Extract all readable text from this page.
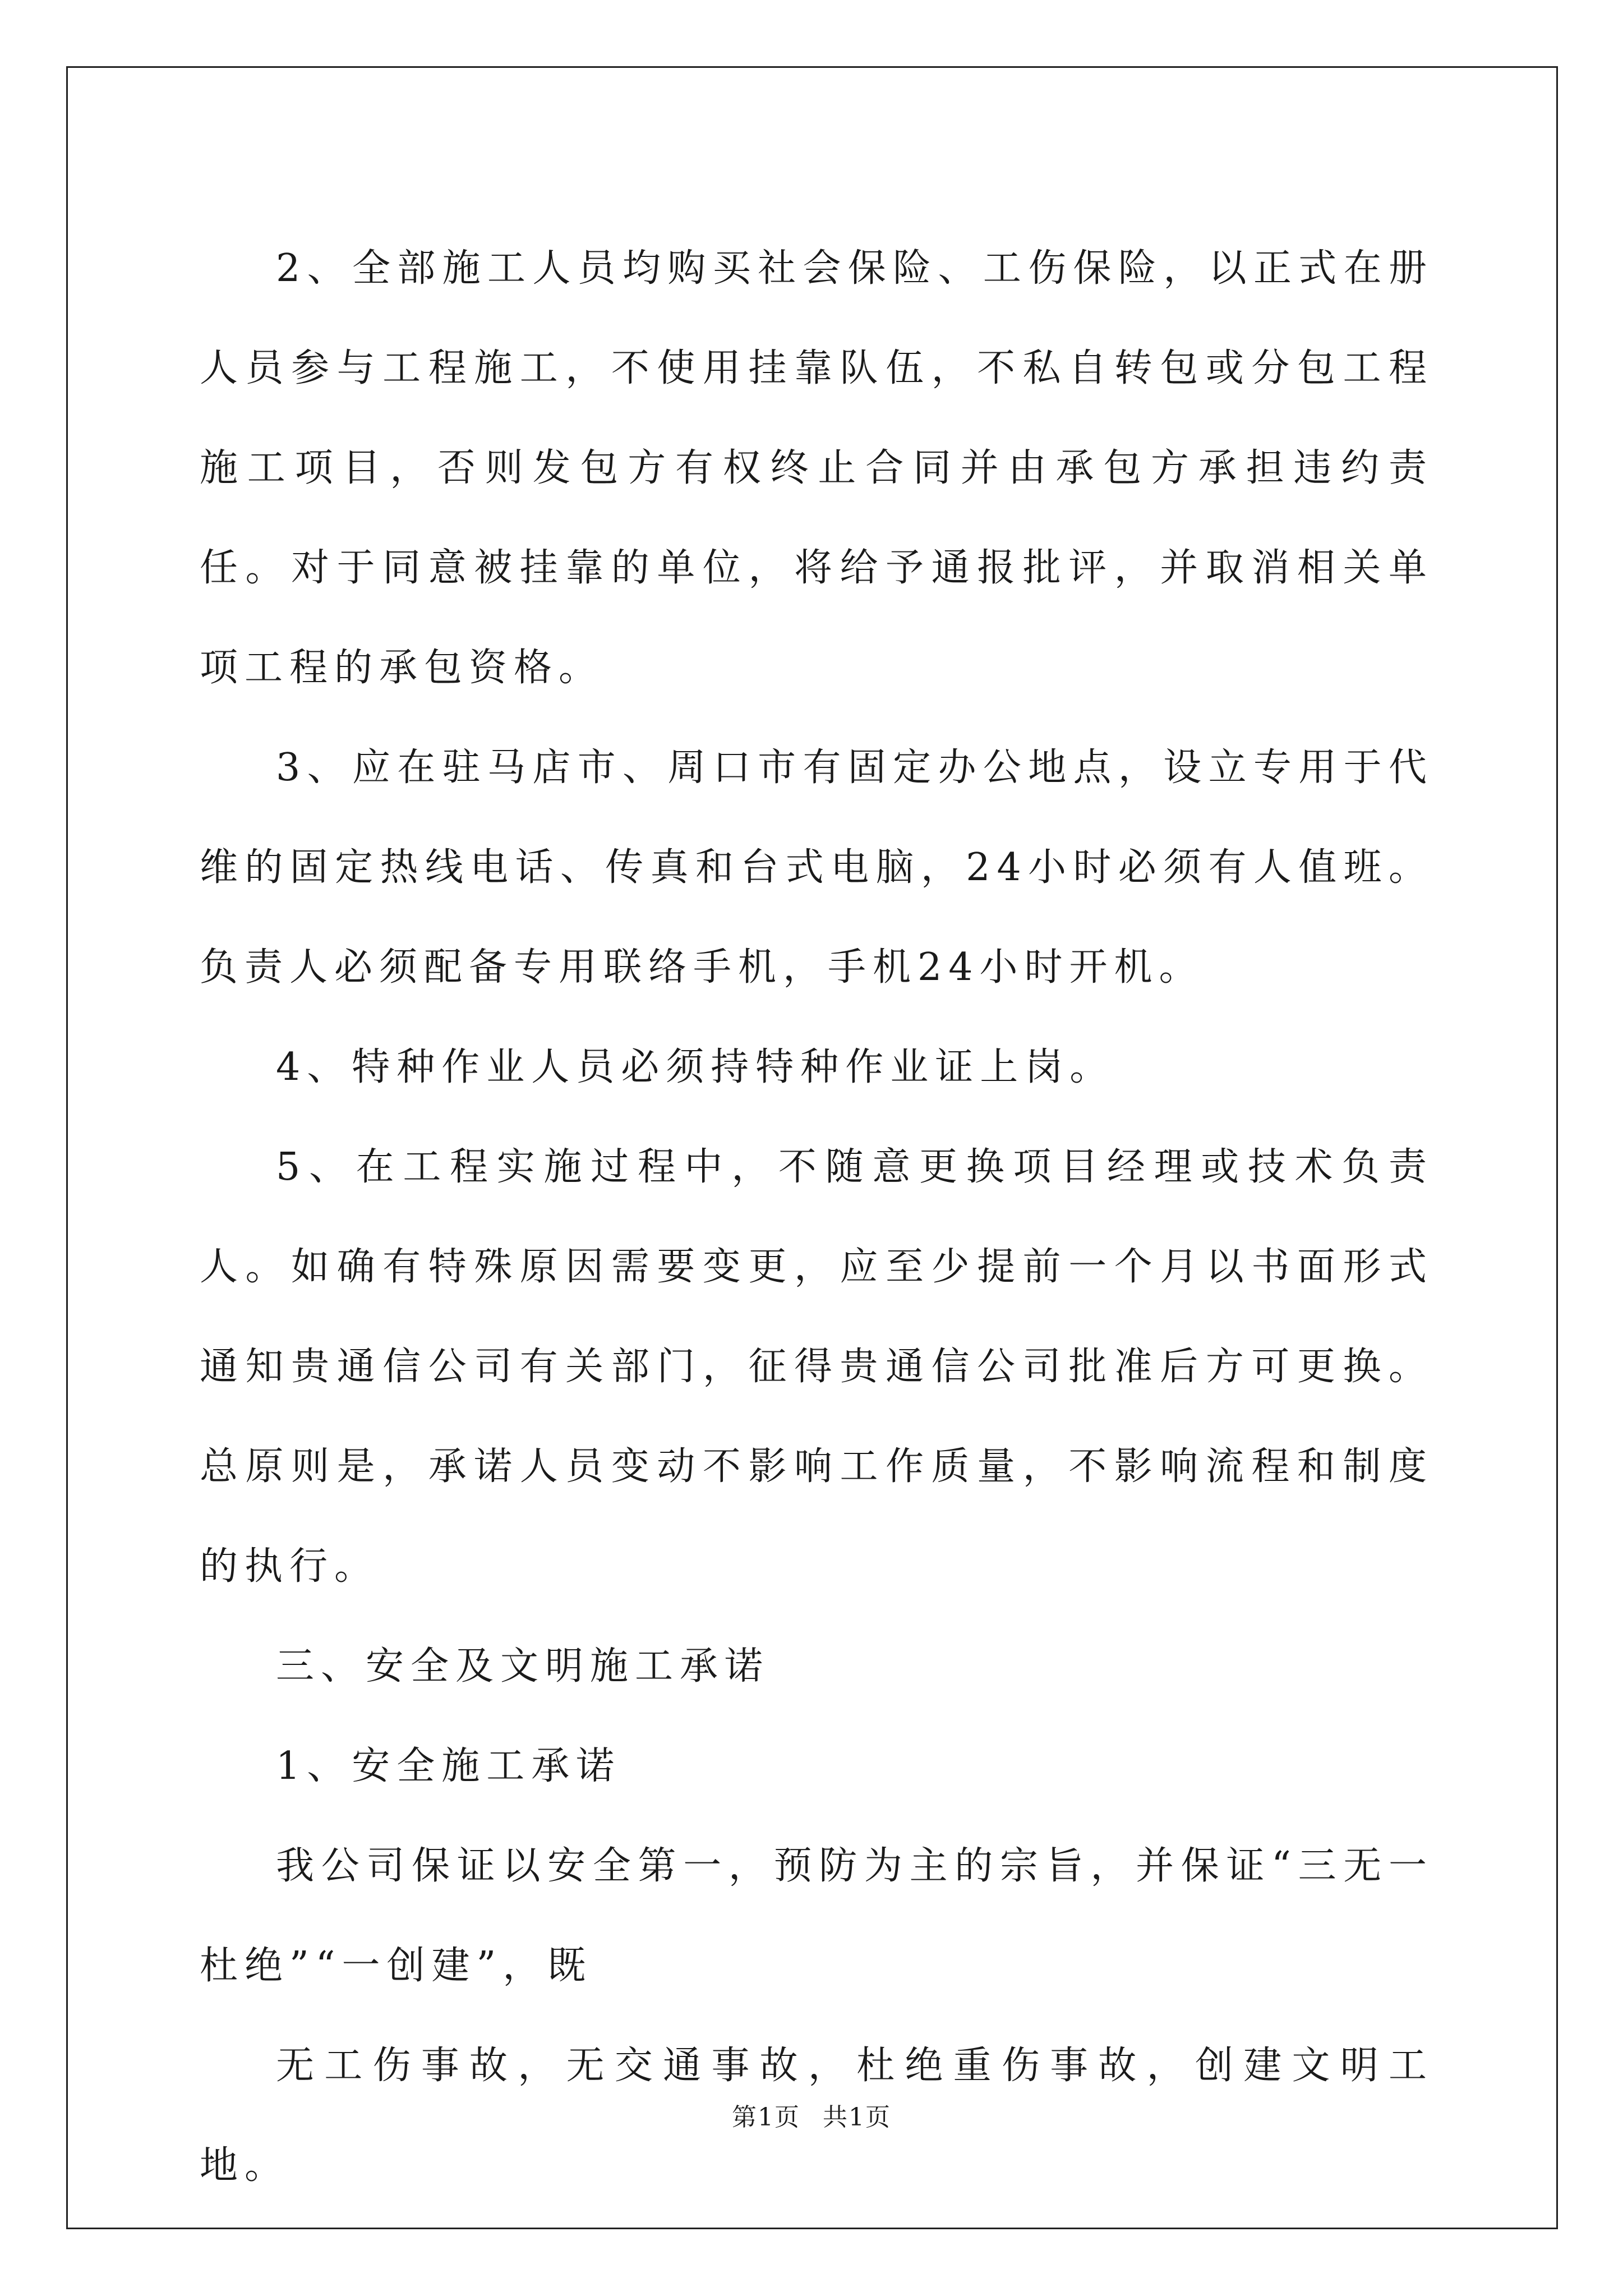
2、全部施工人员均购买社会保险、工伤保险，以正式在册人员参与工程施工，不使用挂靠队伍，不私自转包或分包工程施工项目，否则发包方有权终止合同并由承包方承担违约责任。对于同意被挂靠的单位，将给予通报批评，并取消相关单项工程的承包资格。

3、应在驻马店市、周口市有固定办公地点，设立专用于代维的固定热线电话、传真和台式电脑，24小时必须有人值班。负责人必须配备专用联络手机，手机24小时开机。

4、特种作业人员必须持特种作业证上岗。

5、在工程实施过程中，不随意更换项目经理或技术负责人。如确有特殊原因需要变更，应至少提前一个月以书面形式通知贵通信公司有关部门，征得贵通信公司批准后方可更换。总原则是，承诺人员变动不影响工作质量，不影响流程和制度的执行。

三、安全及文明施工承诺

1、安全施工承诺

我公司保证以安全第一，预防为主的宗旨，并保证“三无一杜绝”“一创建”，既

无工伤事故，无交通事故，杜绝重伤事故，创建文明工地。

第1页 共1页
